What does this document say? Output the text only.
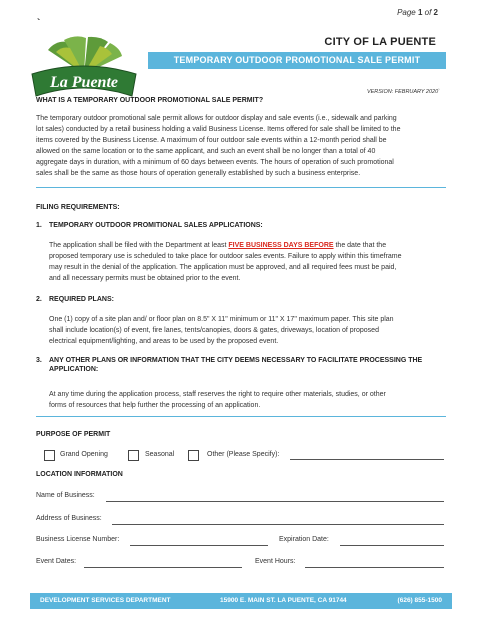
Page 1 of 2
`
La Puente
CITY OF LA PUENTE
TEMPORARY OUTDOOR PROMOTIONAL SALE PERMIT
VERSION: FEBRUARY 2020`
WHAT IS A TEMPORARY OUTDOOR PROMOTIONAL SALE PERMIT?
The temporary outdoor promotional sale permit allows for outdoor display and sale events (i.e., sidewalk and parking
lot sales) conducted by a retail business holding a valid Business License. Items offered for sale shall be limited to the
items covered by the Business License. A maximum of four outdoor sale events within a 12-month period shall be
allowed on the same location or to the same applicant, and such an event shall be no longer than a total of 40
aggregate days in duration, with a minimum of 60 days between events. The hours of operation of such promotional
sales shall be the same as those hours of operation generally established by such a business enterprise.
FILING REQUIREMENTS:
1. TEMPORARY OUTDOOR PROMITIONAL SALES APPLICATIONS:
The application shall be filed with the Department at least FIVE BUSINESS DAYS BEFORE the date that the
proposed temporary use is scheduled to take place for outdoor sales events. Failure to apply within this timeframe
may result in the denial of the application. The application must be approved, and all required fees must be paid,
and all necessary permits must be obtained prior to the event.
2. REQUIRED PLANS:
One (1) copy of a site plan and/ or floor plan on 8.5" X 11" minimum or 11" X 17" maximum paper. This site plan
shall include location(s) of event, fire lanes, tents/canopies, doors & gates, driveways, location of proposed
electrical equipment/lighting, and areas to be used by the proposed event.
3. ANY OTHER PLANS OR INFORMATION THAT THE CITY DEEMS NECESSARY TO FACILITATE PROCESSING THE
APPLICATION:
At any time during the application process, staff reserves the right to require other materials, studies, or other
forms of resources that help further the processing of an application.
PURPOSE OF PERMIT
Grand Opening	Seasonal	Other (Please Specify):
LOCATION INFORMATION
Name of Business:
Address of Business:
Business License Number:	Expiration Date:
Event Dates:	Event Hours:
DEVELOPMENT SERVICES DEPARTMENT	15900 E. MAIN ST. LA PUENTE, CA 91744	(626) 855-1500
